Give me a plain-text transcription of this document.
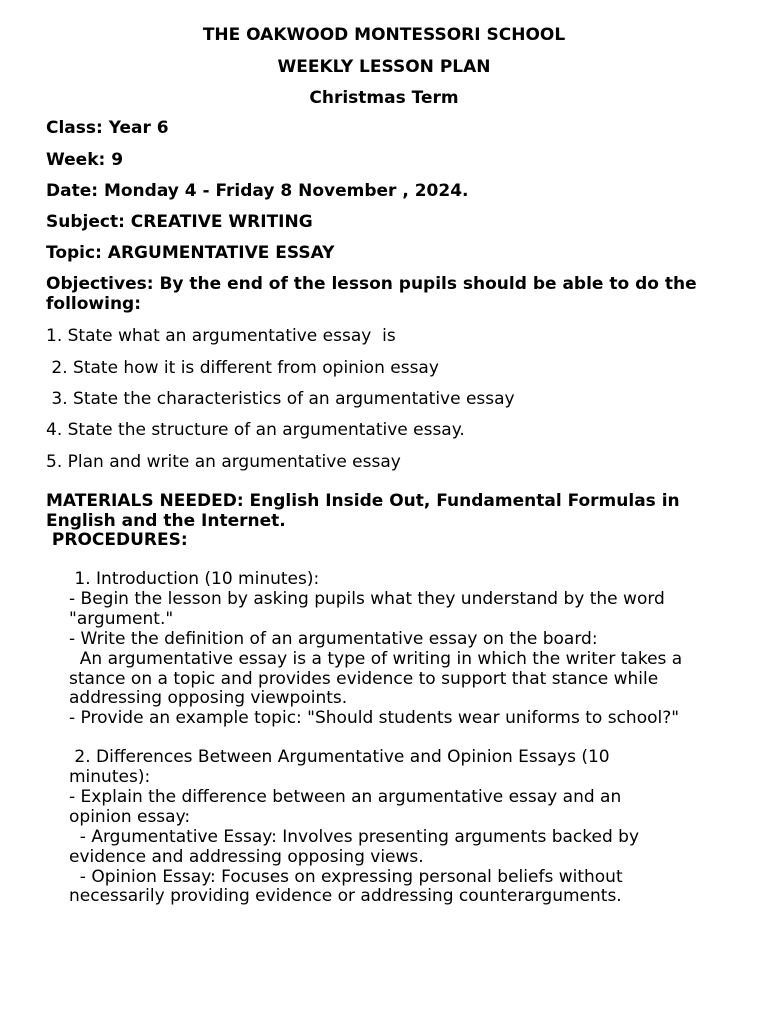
THE OAKWOOD MONTESSORI SCHOOL
WEEKLY LESSON PLAN
Christmas Term
Class: Year 6
Week: 9
Date: Monday 4 - Friday 8 November , 2024.
Subject: CREATIVE WRITING
Topic: ARGUMENTATIVE ESSAY
Objectives: By the end of the lesson pupils should be able to do the following:
1. State what an argumentative essay  is
2. State how it is different from opinion essay
3. State the characteristics of an argumentative essay
4. State the structure of an argumentative essay.
5. Plan and write an argumentative essay
MATERIALS NEEDED: English Inside Out, Fundamental Formulas in English and the Internet.
PROCEDURES:
1. Introduction (10 minutes):
- Begin the lesson by asking pupils what they understand by the word
"argument."
- Write the definition of an argumentative essay on the board:
An argumentative essay is a type of writing in which the writer takes a
stance on a topic and provides evidence to support that stance while
addressing opposing viewpoints.
- Provide an example topic: "Should students wear uniforms to school?"
2. Differences Between Argumentative and Opinion Essays (10
minutes):
- Explain the difference between an argumentative essay and an
opinion essay:
- Argumentative Essay: Involves presenting arguments backed by
evidence and addressing opposing views.
- Opinion Essay: Focuses on expressing personal beliefs without
necessarily providing evidence or addressing counterarguments.
